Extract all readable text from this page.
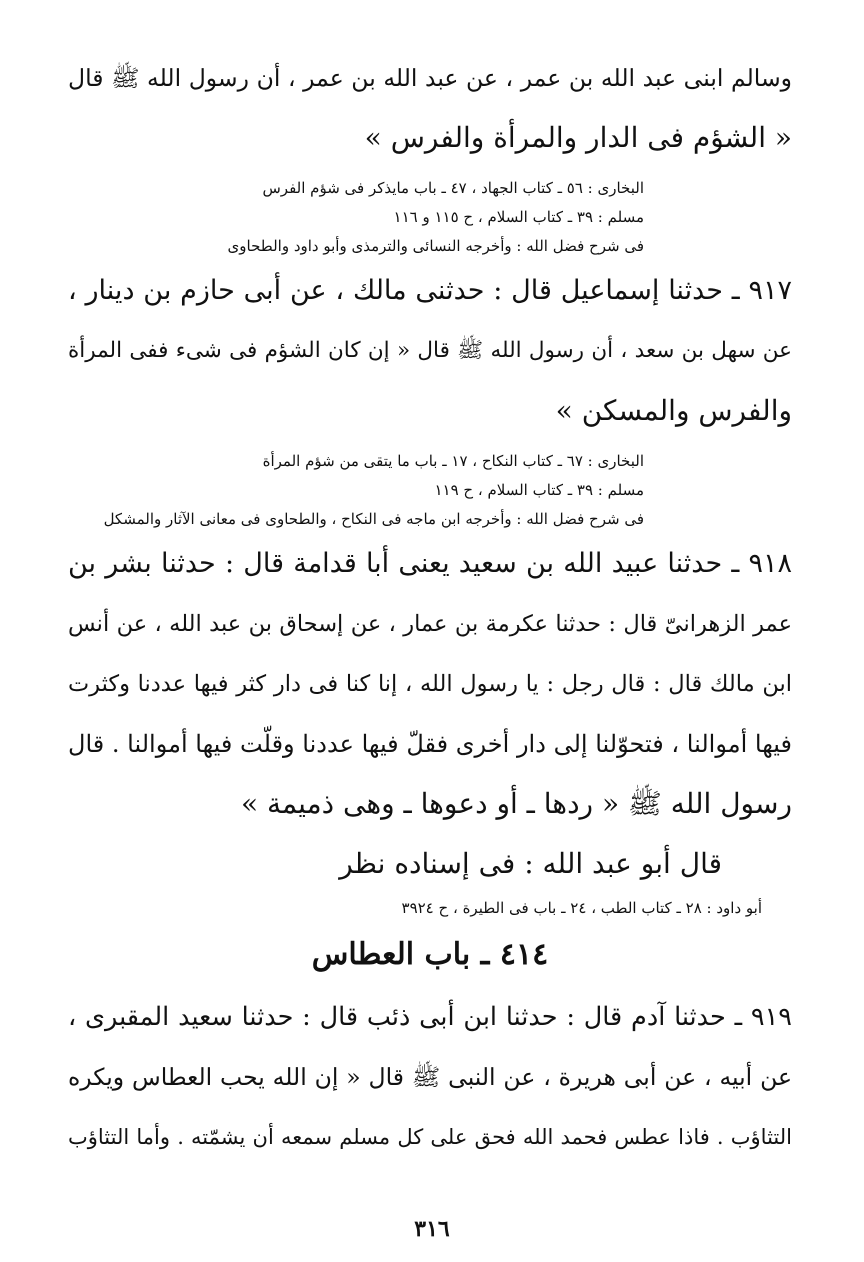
وسالم ابنى عبد الله بن عمر ، عن عبد الله بن عمر ، أن رسول الله ﷺ قال
« الشؤم فى الدار والمرأة والفرس »
البخارى : ٥٦ ـ كتاب الجهاد ، ٤٧ ـ باب مايذكر فى شؤم الفرس
مسلم : ٣٩ ـ كتاب السلام ، ح ١١٥ و ١١٦
فى شرح فضل الله : وأخرجه النسائى والترمذى وأبو داود والطحاوى
٩١٧ ـ حدثنا إسماعيل قال : حدثنى مالك ، عن أبى حازم بن دينار ،
عن سهل بن سعد ، أن رسول الله ﷺ قال « إن كان الشؤم فى شىء ففى المرأة
والفرس والمسكن »
البخارى : ٦٧ ـ كتاب النكاح ، ١٧ ـ باب ما يتقى من شؤم المرأة
مسلم : ٣٩ ـ كتاب السلام ، ح ١١٩
فى شرح فضل الله : وأخرجه ابن ماجه فى النكاح ، والطحاوى فى معانى الآثار والمشكل
٩١٨ ـ حدثنا عبيد الله بن سعيد يعنى أبا قدامة قال : حدثنا بشر بن
عمر الزهرانىّ قال : حدثنا عكرمة بن عمار ، عن إسحاق بن عبد الله ، عن أنس
ابن مالك قال : قال رجل : يا رسول الله ، إنا كنا فى دار كثر فيها عددنا وكثرت
فيها أموالنا ، فتحوّلنا إلى دار أخرى فقلّ فيها عددنا وقلّت فيها أموالنا . قال
رسول الله ﷺ « ردها ـ أو دعوها ـ وهى ذميمة »
قال أبو عبد الله : فى إسناده نظر
أبو داود : ٢٨ ـ كتاب الطب ، ٢٤ ـ باب فى الطيرة ، ح ٣٩٢٤
٤١٤ ـ باب العطاس
٩١٩ ـ حدثنا آدم قال : حدثنا ابن أبى ذئب قال : حدثنا سعيد المقبرى ،
عن أبيه ، عن أبى هريرة ، عن النبى ﷺ قال « إن الله يحب العطاس ويكره
التثاؤب . فاذا عطس فحمد الله فحق على كل مسلم سمعه أن يشمّته . وأما التثاؤب
٣١٦
